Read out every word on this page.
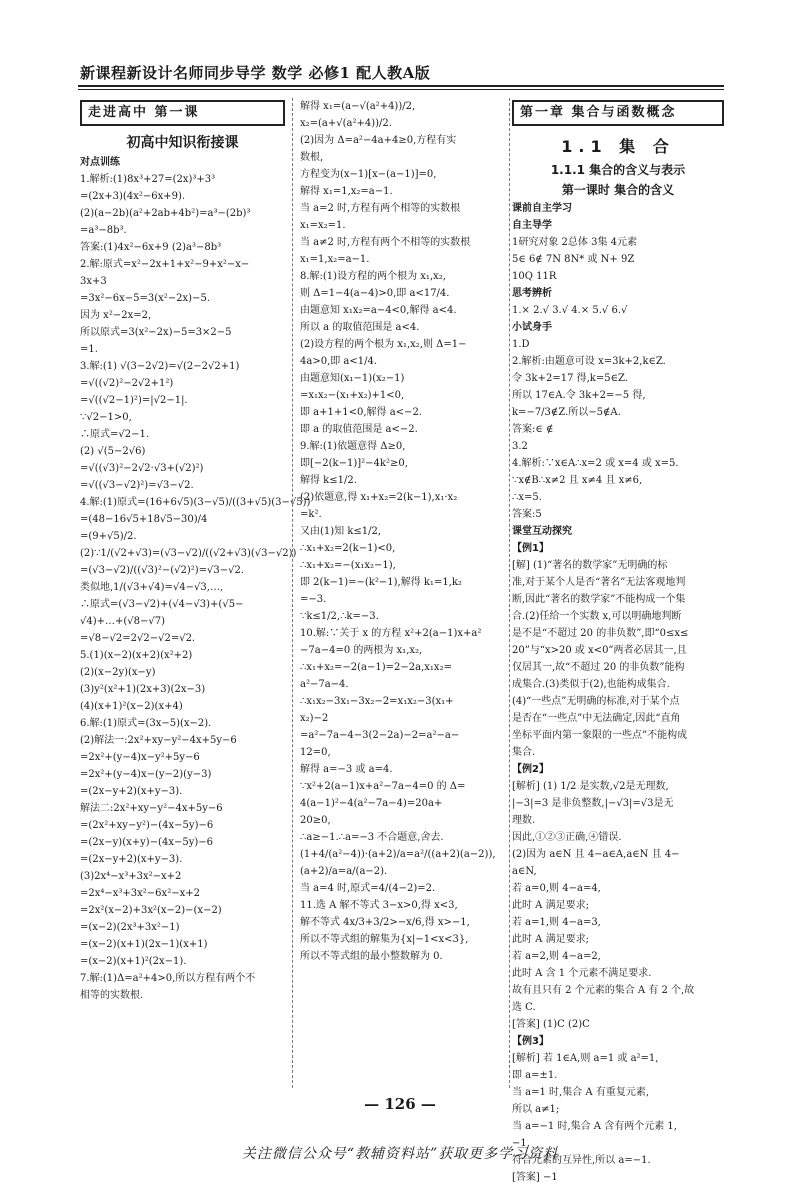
新课程新设计名师同步导学 数学 必修1 配人教A版
走进高中 第一课
初高中知识衔接课
对点训练
1.解析:(1)8x³+27=(2x)³+3³
=(2x+3)(4x²−6x+9).
(2)(a−2b)(a²+2ab+4b²)=a³−(2b)³
=a³−8b³.
答案:(1)4x²−6x+9 (2)a³−8b³
2.解:原式=x²−2x+1+x²−9+x²−x−
3x+3
=3x²−6x−5=3(x²−2x)−5.
因为 x²−2x=2,
所以原式=3(x²−2x)−5=3×2−5
=1.
3.解:(1) √(3−2√2)=√(2−2√2+1)
=√((√2)²−2√2+1²)
=√((√2−1)²)=|√2−1|.
∵√2−1>0,
∴原式=√2−1.
(2) √(5−2√6)
=√((√3)²−2√2·√3+(√2)²)
=√((√3−√2)²)=√3−√2.
4.解:(1)原式=(16+6√5)(3−√5)/((3+√5)(3−√5))
=(48−16√5+18√5−30)/4
=(9+√5)/2.
(2)∵1/(√2+√3)=(√3−√2)/((√2+√3)(√3−√2))
=(√3−√2)/((√3)²−(√2)²)=√3−√2.
类似地,1/(√3+√4)=√4−√3,…,
∴原式=(√3−√2)+(√4−√3)+(√5−
√4)+…+(√8−√7)
=√8−√2=2√2−√2=√2.
5.(1)(x−2)(x+2)(x²+2)
(2)(x−2y)(x−y)
(3)y²(x²+1)(2x+3)(2x−3)
(4)(x+1)²(x−2)(x+4)
6.解:(1)原式=(3x−5)(x−2).
(2)解法一:2x²+xy−y²−4x+5y−6
=2x²+(y−4)x−y²+5y−6
=2x²+(y−4)x−(y−2)(y−3)
=(2x−y+2)(x+y−3).
解法二:2x²+xy−y²−4x+5y−6
=(2x²+xy−y²)−(4x−5y)−6
=(2x−y)(x+y)−(4x−5y)−6
=(2x−y+2)(x+y−3).
(3)2x⁴−x³+3x²−x+2
=2x⁴−x³+3x²−6x²−x+2
=2x²(x−2)+3x²(x−2)−(x−2)
=(x−2)(2x³+3x²−1)
=(x−2)(x+1)(2x−1)(x+1)
=(x−2)(x+1)²(2x−1).
7.解:(1)Δ=a²+4>0,所以方程有两个不
相等的实数根.
解得 x₁=(a−√(a²+4))/2,
x₂=(a+√(a²+4))/2.
(2)因为 Δ=a²−4a+4≥0,方程有实
数根,
方程变为(x−1)[x−(a−1)]=0,
解得 x₁=1,x₂=a−1.
当 a=2 时,方程有两个相等的实数根
x₁=x₂=1.
当 a≠2 时,方程有两个不相等的实数根
x₁=1,x₂=a−1.
8.解:(1)设方程的两个根为 x₁,x₂,
则 Δ=1−4(a−4)>0,即 a<17/4.
由题意知 x₁x₂=a−4<0,解得 a<4.
所以 a 的取值范围是 a<4.
(2)设方程的两个根为 x₁,x₂,则 Δ=1−
4a>0,即 a<1/4.
由题意知(x₁−1)(x₂−1)
=x₁x₂−(x₁+x₂)+1<0,
即 a+1+1<0,解得 a<−2.
即 a 的取值范围是 a<−2.
9.解:(1)依题意得 Δ≥0,
即[−2(k−1)]²−4k²≥0,
解得 k≤1/2.
(2)依题意,得 x₁+x₂=2(k−1),x₁·x₂
=k².
又由(1)知 k≤1/2,
∴x₁+x₂=2(k−1)<0,
∴x₁+x₂=−(x₁x₂−1),
即 2(k−1)=−(k²−1),解得 k₁=1,k₂
=−3.
∵k≤1/2,∴k=−3.
10.解:∵关于 x 的方程 x²+2(a−1)x+a²
−7a−4=0 的两根为 x₁,x₂,
∴x₁+x₂=−2(a−1)=2−2a,x₁x₂=
a²−7a−4.
∴x₁x₂−3x₁−3x₂−2=x₁x₂−3(x₁+
x₂)−2
=a²−7a−4−3(2−2a)−2=a²−a−
12=0,
解得 a=−3 或 a=4.
∵x²+2(a−1)x+a²−7a−4=0 的 Δ=
4(a−1)²−4(a²−7a−4)=20a+
20≥0,
∴a≥−1.∴a=−3 不合题意,舍去.
(1+4/(a²−4))·(a+2)/a=a²/((a+2)(a−2)),
(a+2)/a=a/(a−2).
当 a=4 时,原式=4/(4−2)=2.
11.选 A 解不等式 3−x>0,得 x<3,
解不等式 4x/3+3/2>−x/6,得 x>−1,
所以不等式组的解集为{x|−1<x<3},
所以不等式组的最小整数解为 0.
第一章 集合与函数概念
1.1 集 合
1.1.1 集合的含义与表示
第一课时 集合的含义
课前自主学习
自主导学
1研究对象 2总体 3集 4元素
5∈ 6∉ 7N 8N* 或 N+ 9Z
10Q 11R
思考辨析
1.× 2.√ 3.√ 4.× 5.√ 6.√
小试身手
1.D
2.解析:由题意可设 x=3k+2,k∈Z.
令 3k+2=17 得,k=5∈Z.
所以 17∈A.令 3k+2=−5 得,
k=−7/3∉Z.所以−5∉A.
答案:∈ ∉
3.2
4.解析:∵x∈A∴x=2 或 x=4 或 x=5.
∵x∉B∴x≠2 且 x≠4 且 x≠6,
∴x=5.
答案:5
课堂互动探究
【例1】
[解] (1)“著名的数学家”无明确的标
准,对于某个人是否“著名”无法客观地判
断,因此“著名的数学家”不能构成一个集
合.(2)任给一个实数 x,可以明确地判断
是不是“不超过 20 的非负数”,即“0≤x≤
20”与“x>20 或 x<0”两者必居其一,且
仅居其一,故“不超过 20 的非负数”能构
成集合.(3)类似于(2),也能构成集合.
(4)“一些点”无明确的标准,对于某个点
是否在“一些点”中无法确定,因此“直角
坐标平面内第一象限的一些点”不能构成
集合.
【例2】
[解析] (1) 1/2 是实数,√2是无理数,
|−3|=3 是非负整数,|−√3|=√3是无
理数.
因此,①②③正确,④错误.
(2)因为 a∈N 且 4−a∈A,a∈N 且 4−
a∈N,
若 a=0,则 4−a=4,
此时 A 满足要求;
若 a=1,则 4−a=3,
此时 A 满足要求;
若 a=2,则 4−a=2,
此时 A 含 1 个元素不满足要求.
故有且只有 2 个元素的集合 A 有 2 个,故
选 C.
[答案] (1)C (2)C
【例3】
[解析] 若 1∈A,则 a=1 或 a²=1,
即 a=±1.
当 a=1 时,集合 A 有重复元素,
所以 a≠1;
当 a=−1 时,集合 A 含有两个元素 1,
−1,
符合元素的互异性,所以 a=−1.
[答案] −1
— 126 —
关注微信公众号“教辅资料站”获取更多学习资料
